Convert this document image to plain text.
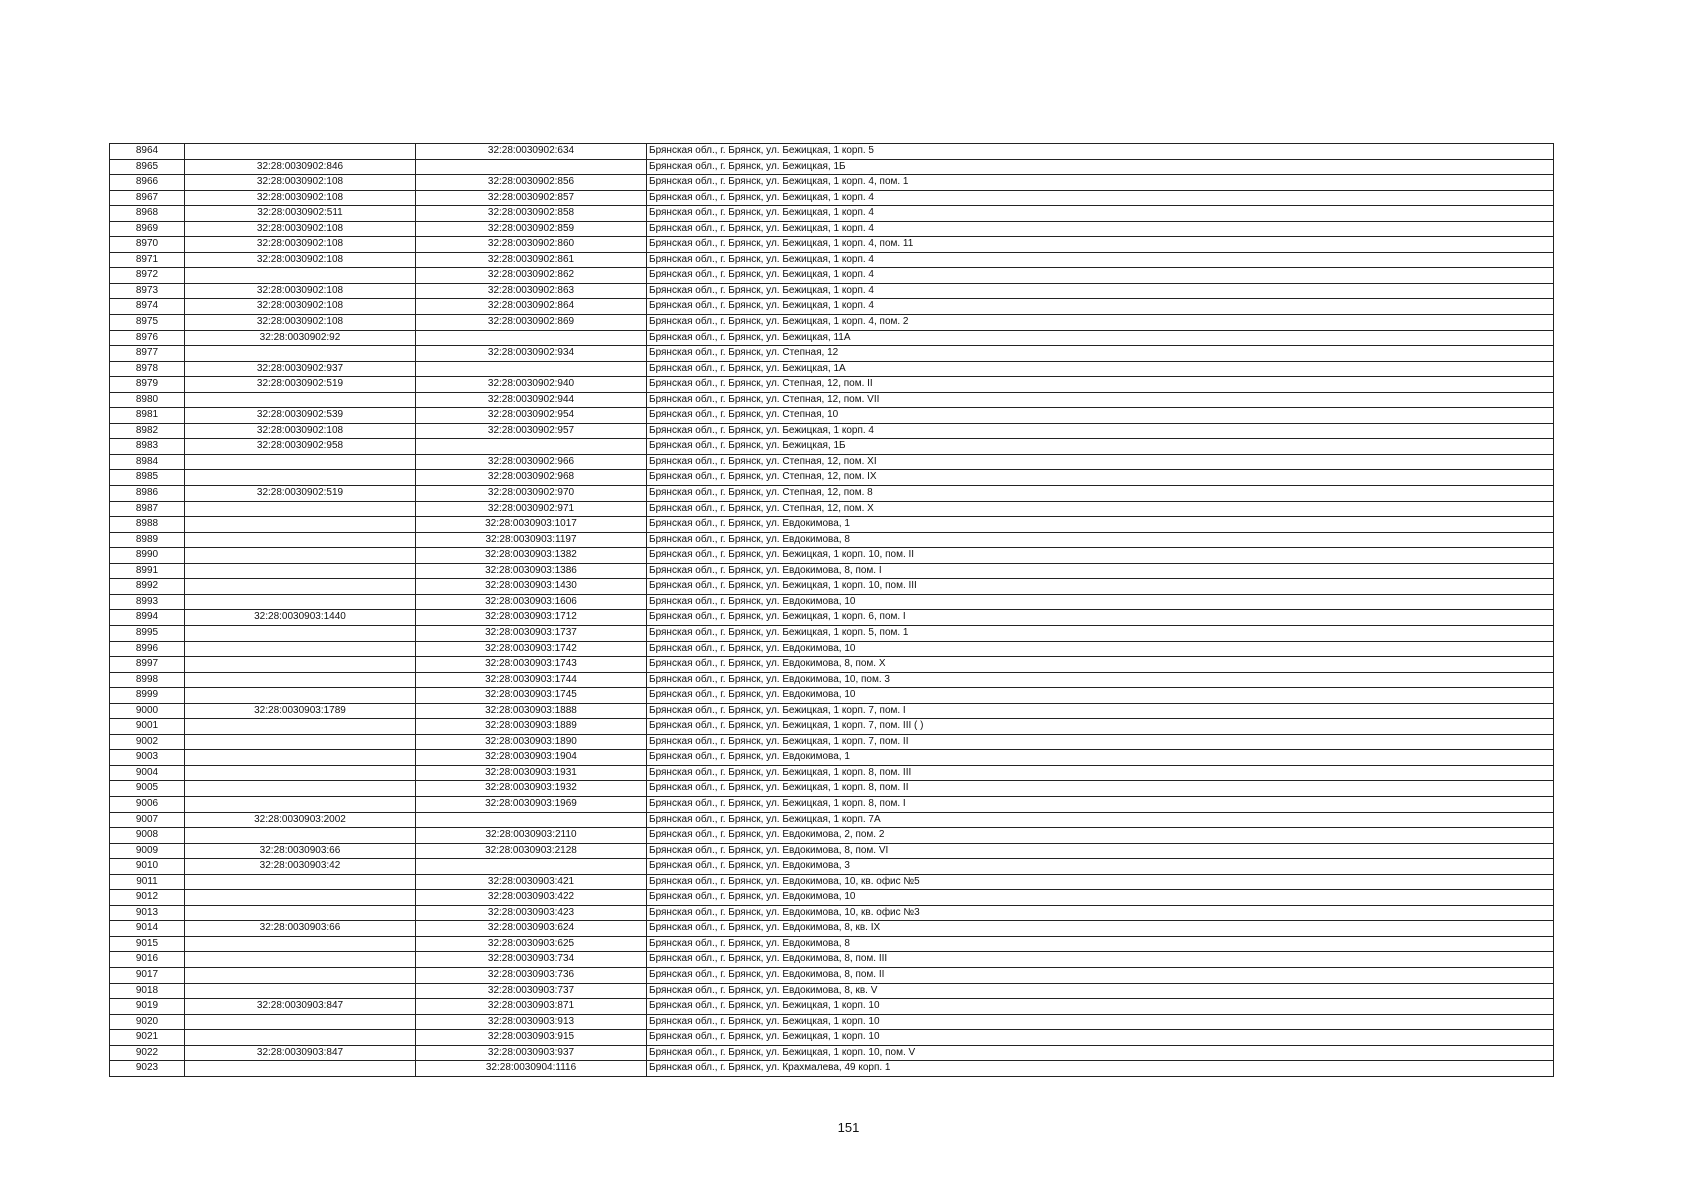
8964		32:28:0030902:634	Брянская обл., г. Брянск, ул. Бежицкая, 1 корп. 5
8965	32:28:0030902:846		Брянская обл., г. Брянск, ул. Бежицкая, 1Б
8966	32:28:0030902:108	32:28:0030902:856	Брянская обл., г. Брянск, ул. Бежицкая, 1 корп. 4, пом. 1
8967	32:28:0030902:108	32:28:0030902:857	Брянская обл., г. Брянск, ул. Бежицкая, 1 корп. 4
8968	32:28:0030902:511	32:28:0030902:858	Брянская обл., г. Брянск, ул. Бежицкая, 1 корп. 4
8969	32:28:0030902:108	32:28:0030902:859	Брянская обл., г. Брянск, ул. Бежицкая, 1 корп. 4
8970	32:28:0030902:108	32:28:0030902:860	Брянская обл., г. Брянск, ул. Бежицкая, 1 корп. 4, пом. 11
8971	32:28:0030902:108	32:28:0030902:861	Брянская обл., г. Брянск, ул. Бежицкая, 1 корп. 4
8972		32:28:0030902:862	Брянская обл., г. Брянск, ул. Бежицкая, 1 корп. 4
8973	32:28:0030902:108	32:28:0030902:863	Брянская обл., г. Брянск, ул. Бежицкая, 1 корп. 4
8974	32:28:0030902:108	32:28:0030902:864	Брянская обл., г. Брянск, ул. Бежицкая, 1 корп. 4
8975	32:28:0030902:108	32:28:0030902:869	Брянская обл., г. Брянск, ул. Бежицкая, 1 корп. 4, пом. 2
8976	32:28:0030902:92		Брянская обл., г. Брянск, ул. Бежицкая, 11А
8977		32:28:0030902:934	Брянская обл., г. Брянск, ул. Степная, 12
8978	32:28:0030902:937		Брянская обл., г. Брянск, ул. Бежицкая, 1А
8979	32:28:0030902:519	32:28:0030902:940	Брянская обл., г. Брянск, ул. Степная, 12, пом. II
8980		32:28:0030902:944	Брянская обл., г. Брянск, ул. Степная, 12, пом. VII
8981	32:28:0030902:539	32:28:0030902:954	Брянская обл., г. Брянск, ул. Степная, 10
8982	32:28:0030902:108	32:28:0030902:957	Брянская обл., г. Брянск, ул. Бежицкая, 1 корп. 4
8983	32:28:0030902:958		Брянская обл., г. Брянск, ул. Бежицкая, 1Б
8984		32:28:0030902:966	Брянская обл., г. Брянск, ул. Степная, 12, пом. XI
8985		32:28:0030902:968	Брянская обл., г. Брянск, ул. Степная, 12, пом. IX
8986	32:28:0030902:519	32:28:0030902:970	Брянская обл., г. Брянск, ул. Степная, 12, пом. 8
8987		32:28:0030902:971	Брянская обл., г. Брянск, ул. Степная, 12, пом. X
8988		32:28:0030903:1017	Брянская обл., г. Брянск, ул. Евдокимова, 1
8989		32:28:0030903:1197	Брянская обл., г. Брянск, ул. Евдокимова, 8
8990		32:28:0030903:1382	Брянская обл., г. Брянск, ул. Бежицкая, 1 корп. 10, пом. II
8991		32:28:0030903:1386	Брянская обл., г. Брянск, ул. Евдокимова, 8, пом. I
8992		32:28:0030903:1430	Брянская обл., г. Брянск, ул. Бежицкая, 1 корп. 10, пом. III
8993		32:28:0030903:1606	Брянская обл., г. Брянск, ул. Евдокимова, 10
8994	32:28:0030903:1440	32:28:0030903:1712	Брянская обл., г. Брянск, ул. Бежицкая, 1 корп. 6, пом. I
8995		32:28:0030903:1737	Брянская обл., г. Брянск, ул. Бежицкая, 1 корп. 5, пом. 1
8996		32:28:0030903:1742	Брянская обл., г. Брянск, ул. Евдокимова, 10
8997		32:28:0030903:1743	Брянская обл., г. Брянск, ул. Евдокимова, 8, пом. X
8998		32:28:0030903:1744	Брянская обл., г. Брянск, ул. Евдокимова, 10, пом. 3
8999		32:28:0030903:1745	Брянская обл., г. Брянск, ул. Евдокимова, 10
9000	32:28:0030903:1789	32:28:0030903:1888	Брянская обл., г. Брянск, ул. Бежицкая, 1 корп. 7, пом. I
9001		32:28:0030903:1889	Брянская обл., г. Брянск, ул. Бежицкая, 1 корп. 7, пом. III ( )
9002		32:28:0030903:1890	Брянская обл., г. Брянск, ул. Бежицкая, 1 корп. 7, пом. II
9003		32:28:0030903:1904	Брянская обл., г. Брянск, ул. Евдокимова, 1
9004		32:28:0030903:1931	Брянская обл., г. Брянск, ул. Бежицкая, 1 корп. 8, пом. III
9005		32:28:0030903:1932	Брянская обл., г. Брянск, ул. Бежицкая, 1 корп. 8, пом. II
9006		32:28:0030903:1969	Брянская обл., г. Брянск, ул. Бежицкая, 1 корп. 8, пом. I
9007	32:28:0030903:2002		Брянская обл., г. Брянск, ул. Бежицкая, 1 корп. 7А
9008		32:28:0030903:2110	Брянская обл., г. Брянск, ул. Евдокимова, 2, пом. 2
9009	32:28:0030903:66	32:28:0030903:2128	Брянская обл., г. Брянск, ул. Евдокимова, 8, пом. VI
9010	32:28:0030903:42		Брянская обл., г. Брянск, ул. Евдокимова, 3
9011		32:28:0030903:421	Брянская обл., г. Брянск, ул. Евдокимова, 10, кв. офис №5
9012		32:28:0030903:422	Брянская обл., г. Брянск, ул. Евдокимова, 10
9013		32:28:0030903:423	Брянская обл., г. Брянск, ул. Евдокимова, 10, кв. офис №3
9014	32:28:0030903:66	32:28:0030903:624	Брянская обл., г. Брянск, ул. Евдокимова, 8, кв. IX
9015		32:28:0030903:625	Брянская обл., г. Брянск, ул. Евдокимова, 8
9016		32:28:0030903:734	Брянская обл., г. Брянск, ул. Евдокимова, 8, пом. III
9017		32:28:0030903:736	Брянская обл., г. Брянск, ул. Евдокимова, 8, пом. II
9018		32:28:0030903:737	Брянская обл., г. Брянск, ул. Евдокимова, 8, кв. V
9019	32:28:0030903:847	32:28:0030903:871	Брянская обл., г. Брянск, ул. Бежицкая, 1 корп. 10
9020		32:28:0030903:913	Брянская обл., г. Брянск, ул. Бежицкая, 1 корп. 10
9021		32:28:0030903:915	Брянская обл., г. Брянск, ул. Бежицкая, 1 корп. 10
9022	32:28:0030903:847	32:28:0030903:937	Брянская обл., г. Брянск, ул. Бежицкая, 1 корп. 10, пом. V
9023		32:28:0030904:1116	Брянская обл., г. Брянск, ул. Крахмалева, 49 корп. 1
151
